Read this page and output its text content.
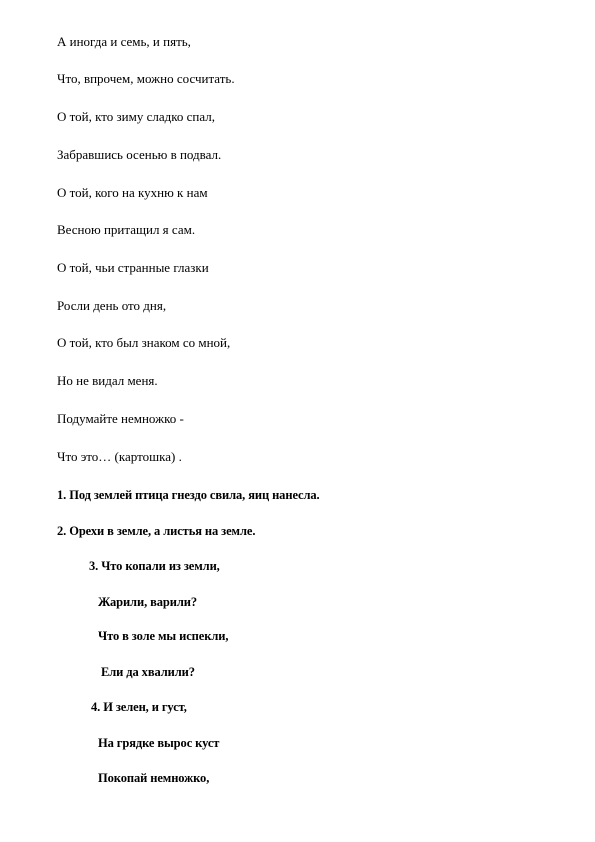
А иногда и семь, и пять,

Что, впрочем, можно сосчитать.

О той, кто зиму сладко спал,

Забравшись осенью в подвал.

О той, кого на кухню к нам

Весною притащил я сам.

О той, чьи странные глазки

Росли день ото дня,

О той, кто был знаком со мной,

Но не видал меня.

Подумайте немножко -

Что это… (картошка) .

1. Под землей птица гнездо свила, яиц нанесла.

2. Орехи в земле, а листья на земле.

3. Что копали из земли,

Жарили, варили?

Что в золе мы испекли,

Ели да хвалили?

4. И зелен, и густ,

На грядке вырос куст

Покопай немножко,
